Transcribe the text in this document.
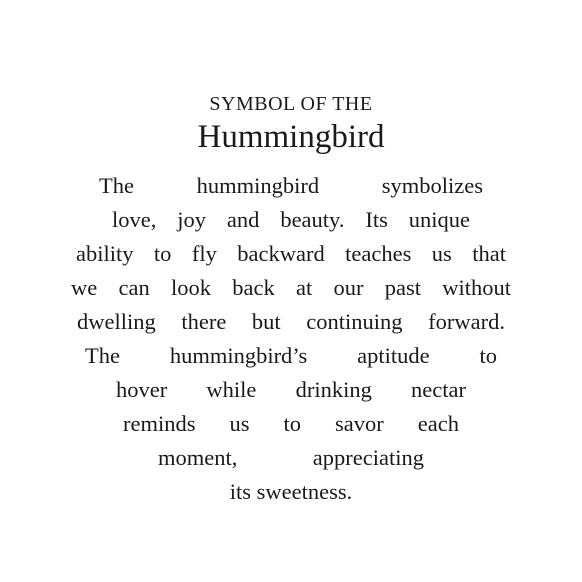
SYMBOL OF THE
Hummingbird
The	hummingbird	symbolizes
love, joy and beauty. Its unique
ability to fly backward teaches us that
we can look back at our past without
dwelling there but continuing forward.
The hummingbird’s aptitude to
hover while drinking nectar
reminds us to savor each
moment,	appreciating
its sweetness.
